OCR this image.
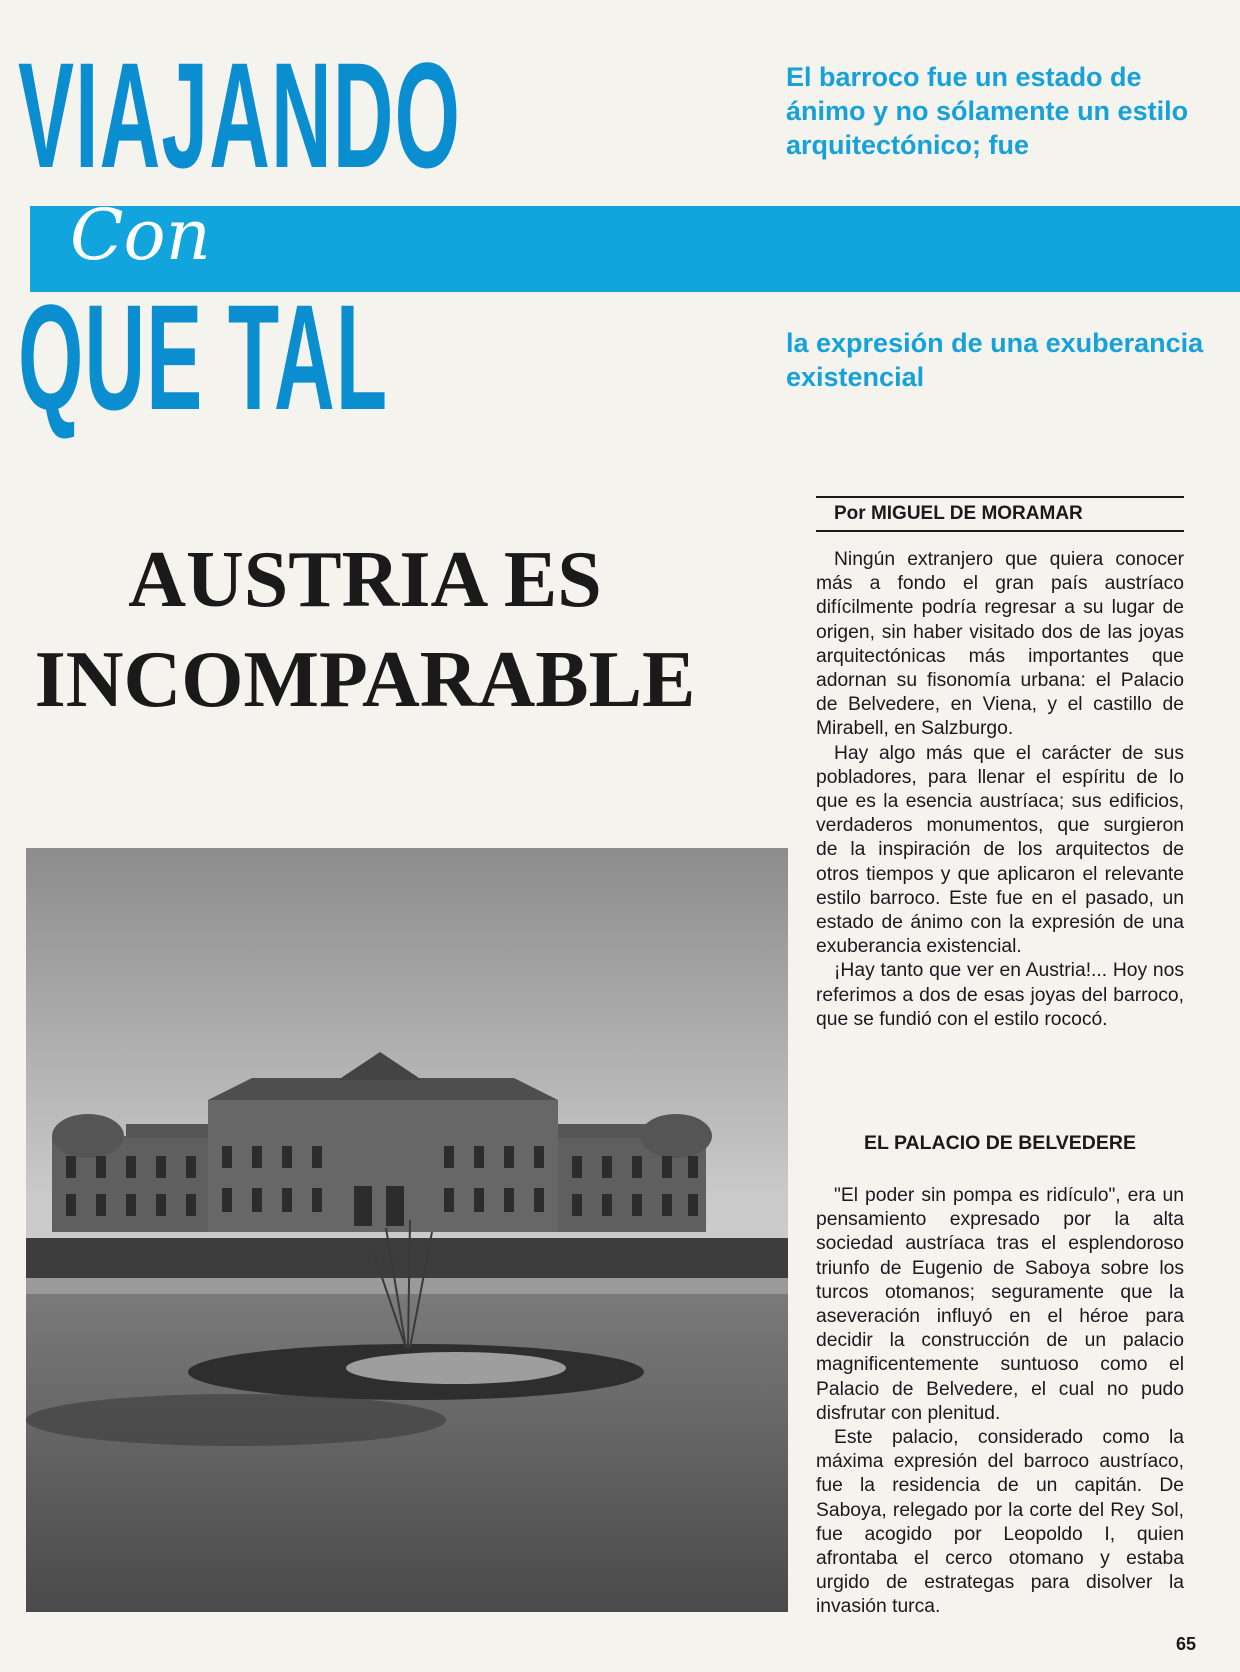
VIAJANDO
Con
QUE TAL

El barroco fue un estado de ánimo y no sólamente un estilo arquitectónico; fue

la expresión de una exuberancia existencial

AUSTRIA ES
INCOMPARABLE
Por MIGUEL DE MORAMAR

Ningún extranjero que quiera conocer más a fondo el gran país austríaco difícilmente podría regresar a su lugar de origen, sin haber visitado dos de las joyas arquitectónicas más importantes que adornan su fisonomía urbana: el Palacio de Belvedere, en Viena, y el castillo de Mirabell, en Salzburgo.

Hay algo más que el carácter de sus pobladores, para llenar el espíritu de lo que es la esencia austríaca; sus edificios, verdaderos monumentos, que surgieron de la inspiración de los arquitectos de otros tiempos y que aplicaron el relevante estilo barroco. Este fue en el pasado, un estado de ánimo con la expresión de una exuberancia existencial.

¡Hay tanto que ver en Austria!... Hoy nos referimos a dos de esas joyas del barroco, que se fundió con el estilo rococó.

EL PALACIO DE BELVEDERE

"El poder sin pompa es ridículo", era un pensamiento expresado por la alta sociedad austríaca tras el esplendoroso triunfo de Eugenio de Saboya sobre los turcos otomanos; seguramente que la aseveración influyó en el héroe para decidir la construcción de un palacio magnificentemente suntuoso como el Palacio de Belvedere, el cual no pudo disfrutar con plenitud.

Este palacio, considerado como la máxima expresión del barroco austríaco, fue la residencia de un capitán. De Saboya, relegado por la corte del Rey Sol, fue acogido por Leopoldo I, quien afrontaba el cerco otomano y estaba urgido de estrategas para disolver la invasión turca.

65
